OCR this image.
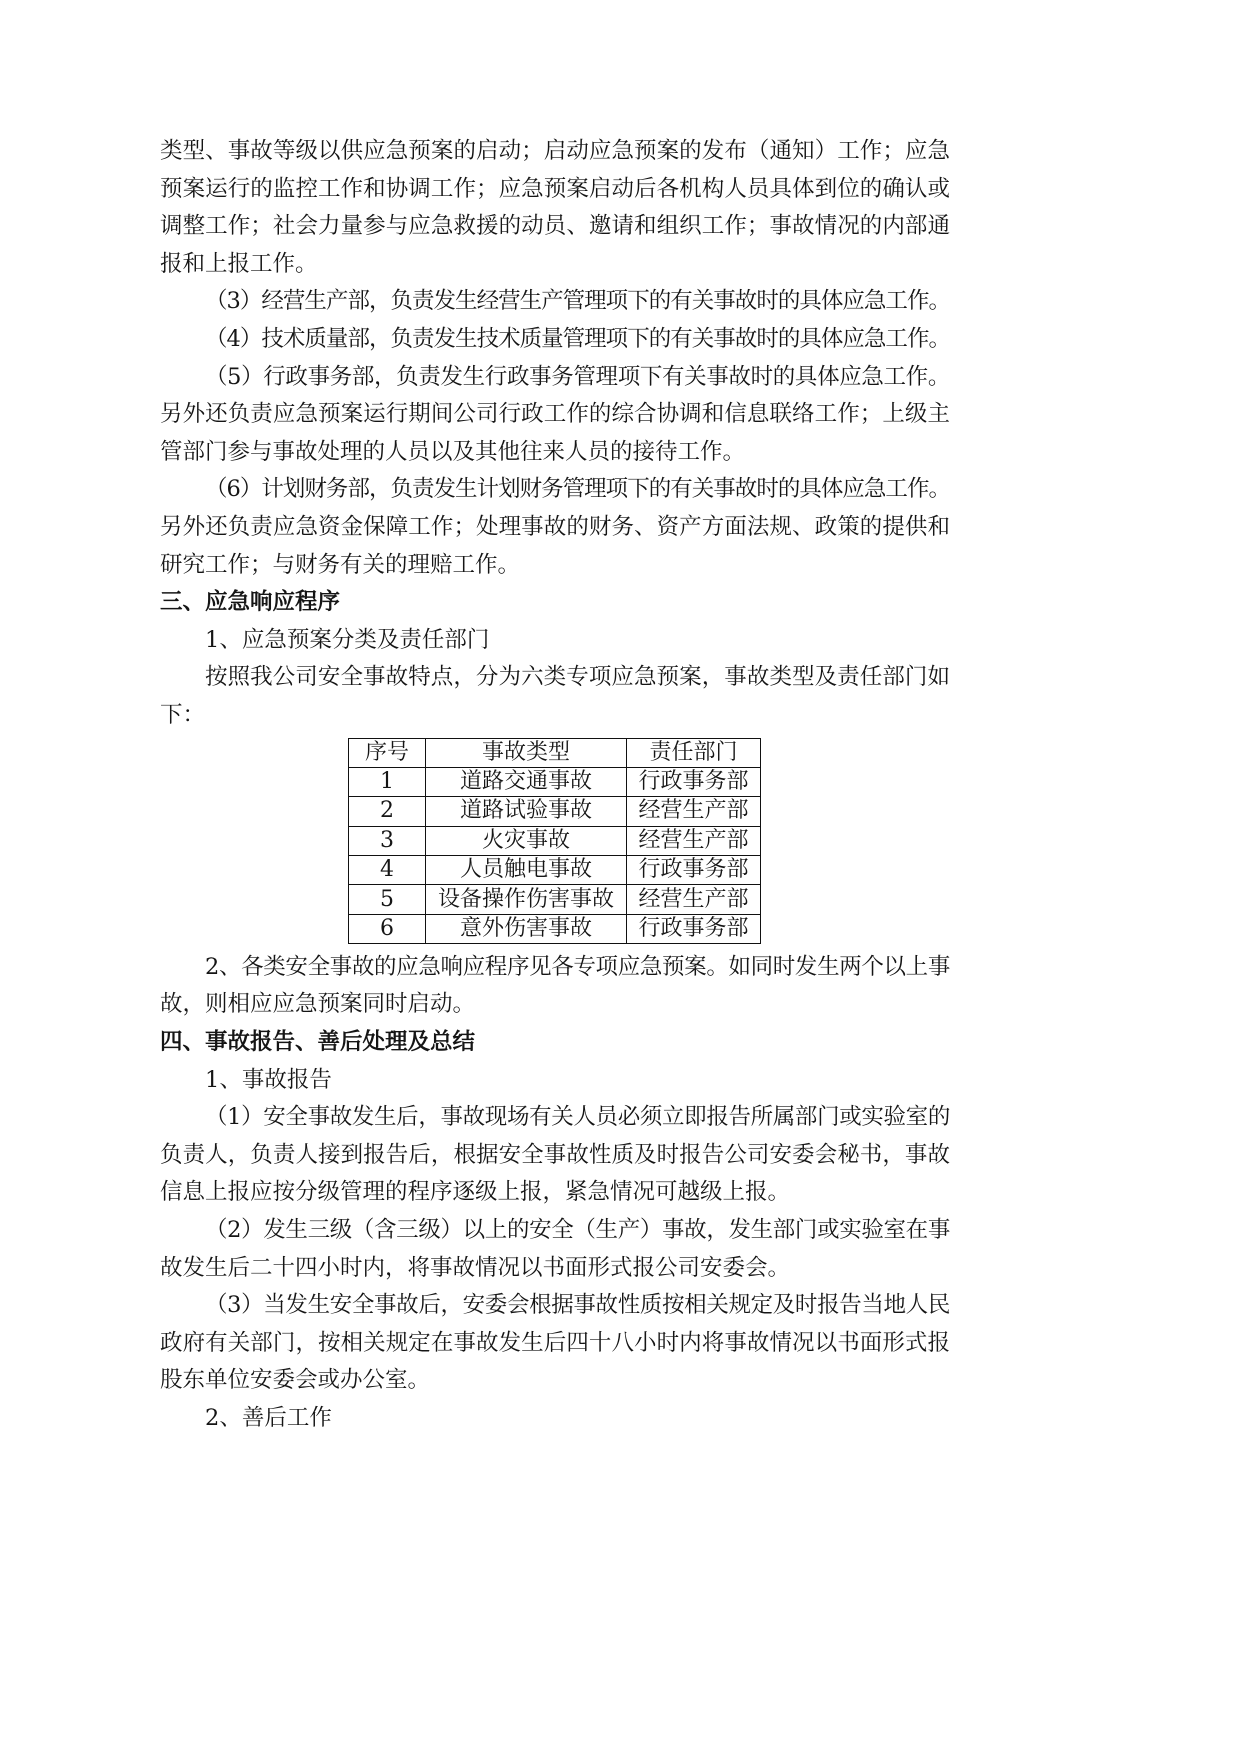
类型、事故等级以供应急预案的启动；启动应急预案的发布（通知）工作；应急
预案运行的监控工作和协调工作；应急预案启动后各机构人员具体到位的确认或
调整工作；社会力量参与应急救援的动员、邀请和组织工作；事故情况的内部通
报和上报工作。
（3）经营生产部，负责发生经营生产管理项下的有关事故时的具体应急工作。
（4）技术质量部，负责发生技术质量管理项下的有关事故时的具体应急工作。
（5）行政事务部，负责发生行政事务管理项下有关事故时的具体应急工作。
另外还负责应急预案运行期间公司行政工作的综合协调和信息联络工作；上级主
管部门参与事故处理的人员以及其他往来人员的接待工作。
（6）计划财务部，负责发生计划财务管理项下的有关事故时的具体应急工作。
另外还负责应急资金保障工作；处理事故的财务、资产方面法规、政策的提供和
研究工作；与财务有关的理赔工作。
三、应急响应程序
1、应急预案分类及责任部门
按照我公司安全事故特点，分为六类专项应急预案，事故类型及责任部门如
下：
序号	事故类型	责任部门
1	道路交通事故	行政事务部
2	道路试验事故	经营生产部
3	火灾事故	经营生产部
4	人员触电事故	行政事务部
5	设备操作伤害事故	经营生产部
6	意外伤害事故	行政事务部
2、各类安全事故的应急响应程序见各专项应急预案。如同时发生两个以上事
故，则相应应急预案同时启动。
四、事故报告、善后处理及总结
1、事故报告
（1）安全事故发生后，事故现场有关人员必须立即报告所属部门或实验室的
负责人，负责人接到报告后，根据安全事故性质及时报告公司安委会秘书，事故
信息上报应按分级管理的程序逐级上报，紧急情况可越级上报。
（2）发生三级（含三级）以上的安全（生产）事故，发生部门或实验室在事
故发生后二十四小时内，将事故情况以书面形式报公司安委会。
（3）当发生安全事故后，安委会根据事故性质按相关规定及时报告当地人民
政府有关部门，按相关规定在事故发生后四十八小时内将事故情况以书面形式报
股东单位安委会或办公室。
2、善后工作
